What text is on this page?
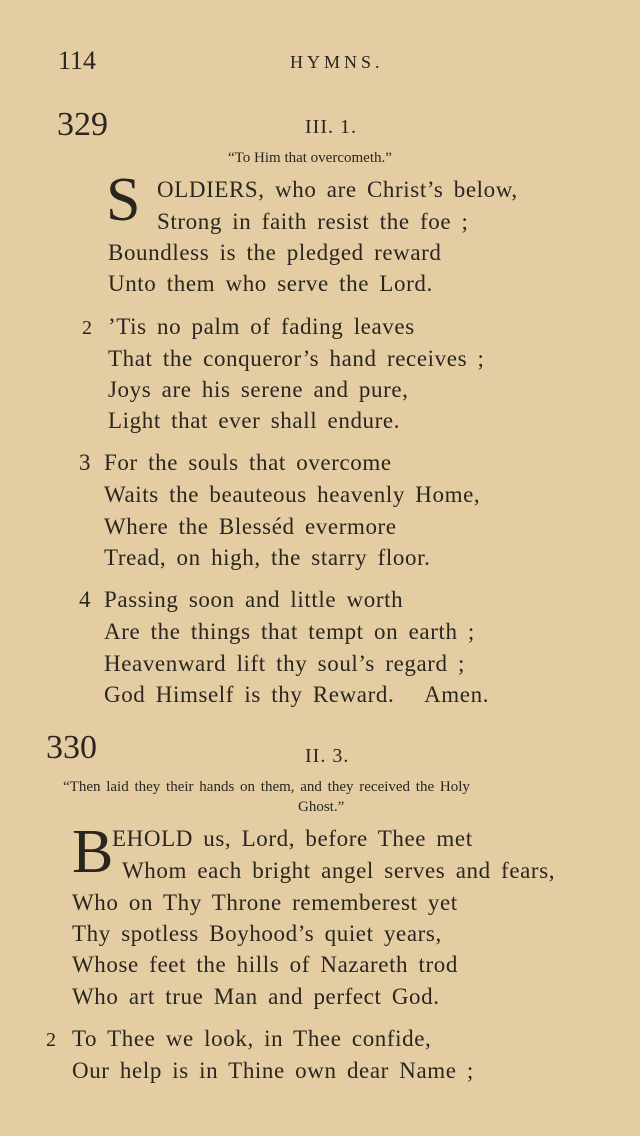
114	HYMNS.
329	III. 1.
“To Him that overcometh.”
S OLDIERS, who are Christ’s below,
Strong in faith resist the foe ;
Boundless is the pledged reward
Unto them who serve the Lord.
2 ’Tis no palm of fading leaves
That the conqueror’s hand receives ;
Joys are his serene and pure,
Light that ever shall endure.
3 For the souls that overcome
Waits the beauteous heavenly Home,
Where the Blesséd evermore
Tread, on high, the starry floor.
4 Passing soon and little worth
Are the things that tempt on earth ;
Heavenward lift thy soul’s regard ;
God Himself is thy Reward.   Amen.
330	II. 3.
“Then laid they their hands on them, and they received the Holy
Ghost.”
B
EHOLD us, Lord, before Thee met
Whom each bright angel serves and fears,
Who on Thy Throne rememberest yet
Thy spotless Boyhood’s quiet years,
Whose feet the hills of Nazareth trod
Who art true Man and perfect God.
2 To Thee we look, in Thee confide,
Our help is in Thine own dear Name ;
